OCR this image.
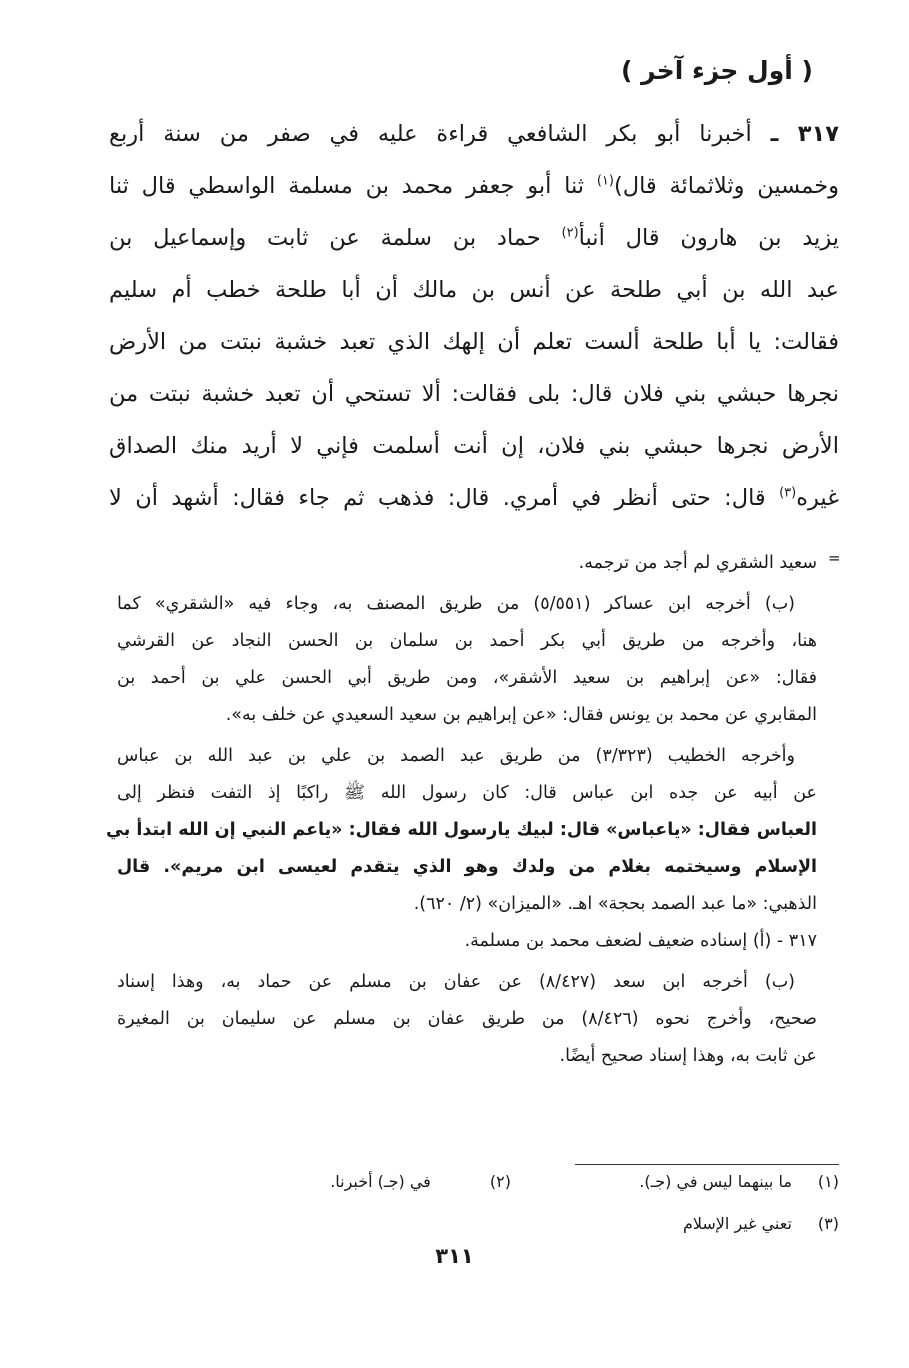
( أول جزء آخر )
٣١٧ ـ أخبرنا أبو بكر الشافعي قراءة عليه في صفر من سنة أربع
وخمسين وثلاثمائة قال)$^{(١)}$ ثنا أبو جعفر محمد بن مسلمة الواسطي قال ثنا
يزيد بن هارون قال أنبأ$^{(٢)}$ حماد بن سلمة عن ثابت وإسماعيل بن
عبد الله بن أبي طلحة عن أنس بن مالك أن أبا طلحة خطب أم سليم
فقالت: يا أبا طلحة ألست تعلم أن إلهك الذي تعبد خشبة نبتت من الأرض
نجرها حبشي بني فلان قال: بلى فقالت: ألا تستحي أن تعبد خشبة نبتت من
الأرض نجرها حبشي بني فلان، إن أنت أسلمت فإني لا أريد منك الصداق
غيره$^{(٣)}$ قال: حتى أنظر في أمري. قال: فذهب ثم جاء فقال: أشهد أن لا
=
سعيد الشقري لم أجد من ترجمه.
(ب) أخرجه ابن عساكر (٥/٥٥١) من طريق المصنف به، وجاء فيه «الشقري» كما
هنا، وأخرجه من طريق أبي بكر أحمد بن سلمان بن الحسن النجاد عن القرشي
فقال: «عن إبراهيم بن سعيد الأشقر»، ومن طريق أبي الحسن علي بن أحمد بن
المقابري عن محمد بن يونس فقال: «عن إبراهيم بن سعيد السعيدي عن خلف به».
وأخرجه الخطيب (٣/٣٢٣) من طريق عبد الصمد بن علي بن عبد الله بن عباس
عن أبيه عن جده ابن عباس قال: كان رسول الله ﷺ راكبًا إذ التفت فنظر إلى
العباس فقال: «ياعباس» قال: لبيك يارسول الله فقال: «ياعم النبي إن الله ابتدأ بي
الإسلام وسيختمه بغلام من ولدك وهو الذي يتقدم لعيسى ابن مريم». قال
الذهبي: «ما عبد الصمد بحجة» اهـ. «الميزان» (٢/ ٦٢٠).
٣١٧ - (أ) إسناده ضعيف لضعف محمد بن مسلمة.
(ب) أخرجه ابن سعد (٨/٤٢٧) عن عفان بن مسلم عن حماد به، وهذا إسناد
صحيح، وأخرج نحوه (٨/٤٢٦) من طريق عفان بن مسلم عن سليمان بن المغيرة
عن ثابت به، وهذا إسناد صحيح أيضًا.
(١) ما بينهما ليس في (جـ).
(٢)  في (جـ) أخبرنا.
(٣) تعني غير الإسلام
٣١١
